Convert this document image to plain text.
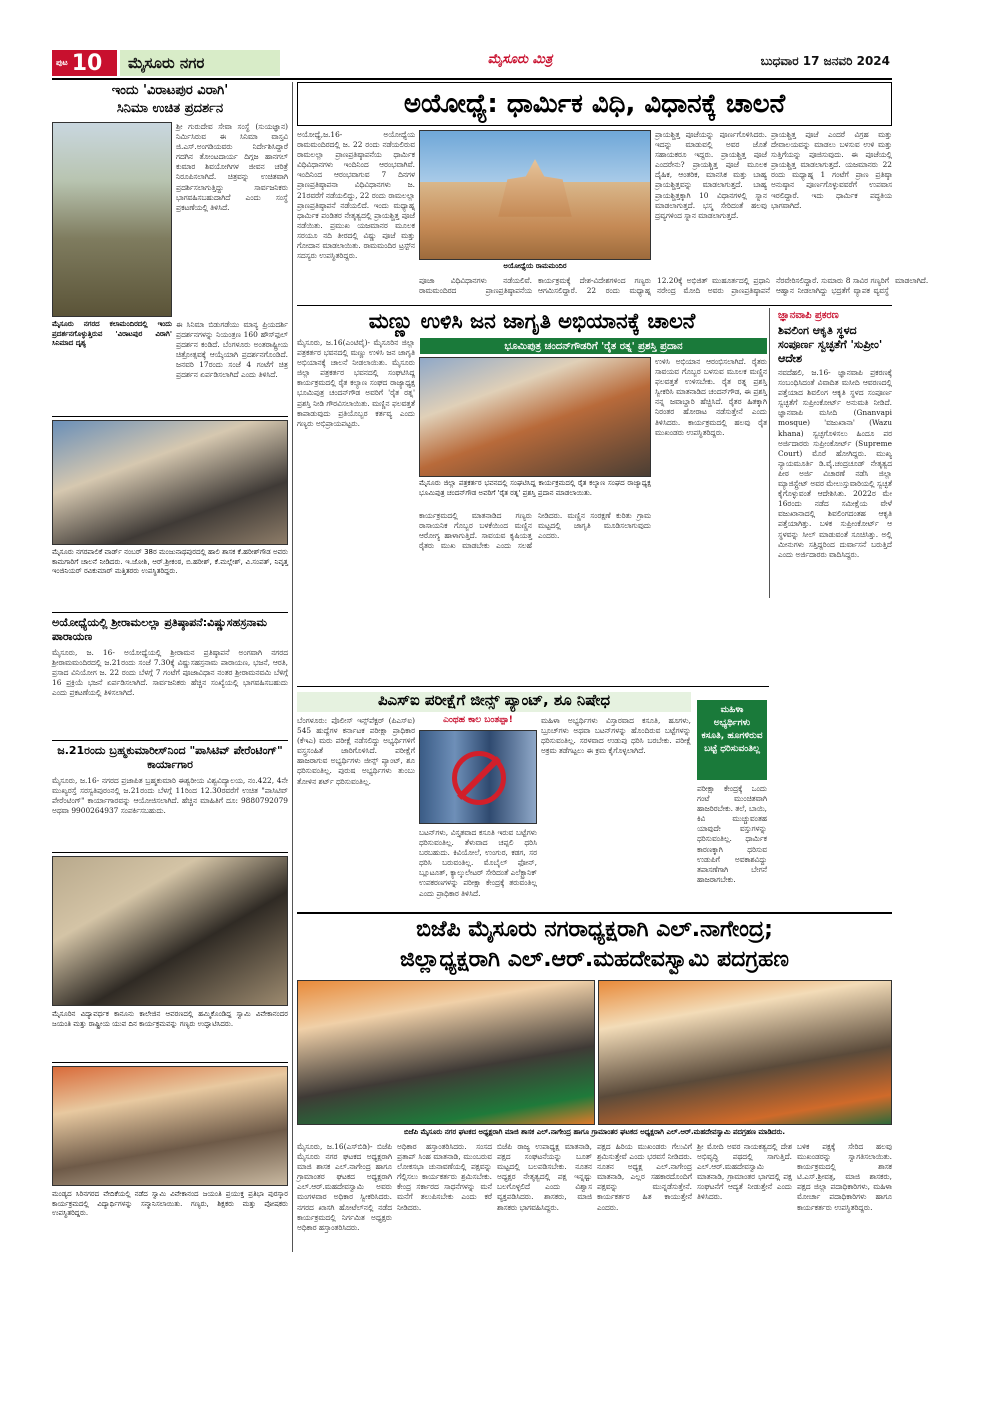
ಪುಟ 10	ಮೈಸೂರು ನಗರ	ಮೈಸೂರು ಮಿತ್ರ	ಬುಧವಾರ 17 ಜನವರಿ 2024
ಇಂದು 'ವಿರಾಟಪುರ ವಿರಾಗಿ'
ಸಿನಿಮಾ ಉಚಿತ ಪ್ರದರ್ಶನ
ಶ್ರೀ ಗುರುದೇವ ಸೇವಾ ಸಂಸ್ಥೆ (ಸುಯಜ್ಞಾನ) ನಿರ್ಮಿಸಿರುವ ಈ ಸಿನಿಮಾ ವಾಸ್ತವಿ ಜಿ.ಎಸ್.ಅಂಗಡಿಯವರು ನಿರ್ದೇಶಿಸಿದ್ದಾರೆ ಗದಗಿನ ತೋಂಟದಾರ್ಯ ದಿಗ್ಗಜ ಹಾನಗಲ್ ಕುಮಾರ ಶಿವಯೋಗಿಗಳ ಜೀವನ ಚರಿತ್ರೆ ನಿರೂಪಿಸಲಾಗಿದೆ. ಚಿತ್ರವನ್ನು ಉಚಿತವಾಗಿ ಪ್ರದರ್ಶಿಸಲಾಗುತ್ತಿದ್ದು ಸಾರ್ವಜನಿಕರು ಭಾಗವಹಿಸಬಹುದಾಗಿದೆ ಎಂದು ಸಂಸ್ಥೆ ಪ್ರಕಟಣೆಯಲ್ಲಿ ತಿಳಿಸಿದೆ.
ಮೈಸೂರು ನಗರದ ಕಲಾಮಂದಿರದಲ್ಲಿ ಇಂದು ಪ್ರದರ್ಶನಗೊಳ್ಳುತ್ತಿರುವ 'ವಿರಾಟಪುರ ವಿರಾಗಿ' ಸಿನಿಮಾದ ದೃಶ್ಯ
ಈ ಸಿನಿಮಾ ಬಿಡುಗಡೆಯು ಮಾನ್ಯ ಪ್ರಿಯದರ್ಶಿ ಪ್ರದರ್ಶನಗಳನ್ನು ನಿಯಂತ್ರಣ 160 ಹೌಸ್‌ಫುಲ್ ಪ್ರದರ್ಶನ ಕಂಡಿದೆ. ಬೆಂಗಳೂರು ಅಂತರಾಷ್ಟ್ರೀಯ ಚಿತ್ರೋತ್ಸವಕ್ಕೆ ಆಯ್ಕೆಯಾಗಿ ಪ್ರದರ್ಶನಗೊಂಡಿದೆ. ಜನವರಿ 17ರಂದು ಸಂಜೆ 4 ಗಂಟೆಗೆ ಚಿತ್ರ ಪ್ರದರ್ಶನ ಏರ್ಪಡಿಸಲಾಗಿದೆ ಎಂದು ತಿಳಿಸಿದೆ.
ಮೈಸೂರು ನಗರಪಾಲಿಕೆ ವಾರ್ಡ್ ನಂಬರ್ 38ರ ಮಂಜುನಾಥಪುರದಲ್ಲಿ ಹಾಲಿ ಶಾಸಕ ಕೆ.ಹರೀಶ್‌ಗೌಡ ಅವರು ಕಾಮಗಾರಿಗೆ ಚಾಲನೆ ನೀಡಿದರು. ಇ.ಜೋಶಿ, ಆರ್.ಶ್ರೀಕಂಠ, ಬಿ.ಹರೀಶ್, ಕೆ.ಮಲ್ಲೇಶ್, ವಿ.ಸಂಪತ್, ನಿವೃತ್ತ ಇಂಜಿನಿಯರ್ ರವಿಕುಮಾರ್ ಮತ್ತಿತರರು ಉಪಸ್ಥಿತರಿದ್ದರು.
ಅಯೋಧ್ಯೆಯಲ್ಲಿ ಶ್ರೀರಾಮಲಲ್ಲಾ ಪ್ರತಿಷ್ಠಾಪನೆ:ವಿಷ್ಣುಸಹಸ್ರನಾಮ ಪಾರಾಯಣ
ಮೈಸೂರು, ಜ. 16- ಅಯೋಧ್ಯೆಯಲ್ಲಿ ಶ್ರೀರಾಮನ ಪ್ರತಿಷ್ಠಾಪನೆ ಅಂಗವಾಗಿ ನಗರದ ಶ್ರೀರಾಮಮಂದಿರದಲ್ಲಿ ಜ.21ರಂದು ಸಂಜೆ 7.30ಕ್ಕೆ ವಿಷ್ಣುಸಹಸ್ರನಾಮ ಪಾರಾಯಣ, ಭಜನೆ, ಆರತಿ, ಪ್ರಸಾದ ವಿನಿಯೋಗ ಜ. 22 ರಂದು ಬೆಳಗ್ಗೆ 7 ಗಂಟೆಗೆ ಪೂಜಾವಿಧಾನ ನಂತರ ಶ್ರೀರಾಮನವಮಿ ಬೆಳಿಗ್ಗೆ 16 ಪ್ರಕ್ರಿಯೆ ಭಜನೆ ಏರ್ಪಡಿಸಲಾಗಿದೆ. ಸಾರ್ವಜನಿಕರು ಹೆಚ್ಚಿನ ಸಂಖ್ಯೆಯಲ್ಲಿ ಭಾಗವಹಿಸಬಹುದು ಎಂದು ಪ್ರಕಟಣೆಯಲ್ಲಿ ತಿಳಿಸಲಾಗಿದೆ.
ಜ.21ರಂದು ಬ್ರಹ್ಮಕುಮಾರೀಸ್‌ನಿಂದ "ಪಾಸಿಟಿವ್ ಪೇರೆಂಟಿಂಗ್" ಕಾರ್ಯಾಗಾರ
ಮೈಸೂರು, ಜ.16- ನಗರದ ಪ್ರಜಾಪಿತ ಬ್ರಹ್ಮಕುಮಾರಿ ಈಶ್ವರೀಯ ವಿಶ್ವವಿದ್ಯಾಲಯ, ನಂ.422, 4ನೇ ಮುಖ್ಯರಸ್ತೆ ಸರಸ್ವತಿಪುರಂನಲ್ಲಿ ಜ.21ರಂದು ಬೆಳಗ್ಗೆ 11ರಿಂದ 12.30ರವರೆಗೆ ಉಚಿತ "ಪಾಸಿಟಿವ್ ಪೇರೆಂಟಿಂಗ್" ಕಾರ್ಯಾಗಾರವನ್ನು ಆಯೋಜಿಸಲಾಗಿದೆ. ಹೆಚ್ಚಿನ ಮಾಹಿತಿಗೆ ದೂ: 9880792079 ಅಥವಾ 9900264937 ಸಂಪರ್ಕಿಸಬಹುದು.
ಮೈಸೂರಿನ ವಿದ್ಯಾವರ್ಧಕ ಕಾನೂನು ಕಾಲೇಜಿನ ಆವರಣದಲ್ಲಿ ಹಮ್ಮಿಕೊಂಡಿದ್ದ ಸ್ವಾಮಿ ವಿವೇಕಾನಂದರ ಜಯಂತಿ ಮತ್ತು ರಾಷ್ಟ್ರೀಯ ಯುವ ದಿನ ಕಾರ್ಯಕ್ರಮವನ್ನು ಗಣ್ಯರು ಉದ್ಘಾಟಿಸಿದರು.
ಮಂಡ್ಯದ ಸಿರಿನಗರದ ವೇದಿಕೆಯಲ್ಲಿ ನಡೆದ ಸ್ವಾಮಿ ವಿವೇಕಾನಂದ ಜಯಂತಿ ಪ್ರಯುಕ್ತ ಪ್ರತಿಭಾ ಪುರಸ್ಕಾರ ಕಾರ್ಯಕ್ರಮದಲ್ಲಿ ವಿದ್ಯಾರ್ಥಿಗಳನ್ನು ಸನ್ಮಾನಿಸಲಾಯಿತು. ಗಣ್ಯರು, ಶಿಕ್ಷಕರು ಮತ್ತು ಪೋಷಕರು ಉಪಸ್ಥಿತರಿದ್ದರು.
ಅಯೋಧ್ಯೆ: ಧಾರ್ಮಿಕ ವಿಧಿ, ವಿಧಾನಕ್ಕೆ ಚಾಲನೆ
ಅಯೋಧ್ಯೆ,ಜ.16- ಅಯೋಧ್ಯೆಯ ರಾಮಮಂದಿರದಲ್ಲಿ ಜ. 22 ರಂದು ನಡೆಯಲಿರುವ ರಾಮಲಲ್ಲಾ ಪ್ರಾಣಪ್ರತಿಷ್ಠಾಪನೆಯ ಧಾರ್ಮಿಕ ವಿಧಿವಿಧಾನಗಳು ಇಂದಿನಿಂದ ಆರಂಭವಾಗಿವೆ. ಇಂದಿನಿಂದ ಆರಂಭವಾಗುವ 7 ದಿನಗಳ ಪ್ರಾಣಪ್ರತಿಷ್ಠಾಪನಾ ವಿಧಿವಿಧಾನಗಳು ಜ. 21ರವರೆಗೆ ನಡೆಯಲಿದ್ದು, 22 ರಂದು ರಾಮಲಲ್ಲಾ ಪ್ರಾಣಪ್ರತಿಷ್ಠಾಪನೆ ನಡೆಯಲಿದೆ. ಇಂದು ಮಧ್ಯಾಹ್ನ ಧಾರ್ಮಿಕ ಪಂಡಿತರ ನೇತೃತ್ವದಲ್ಲಿ ಪ್ರಾಯಶ್ಚಿತ್ತ ಪೂಜೆ ನಡೆಯಿತು. ಪ್ರಮುಖ ಯಜಮಾನರ ಮೂಲಕ ಸರಯೂ ನದಿ ತೀರದಲ್ಲಿ ವಿಷ್ಣು ಪೂಜೆ ಮತ್ತು ಗೋದಾನ ಮಾಡಲಾಯಿತು. ರಾಮಮಂದಿರ ಟ್ರಸ್ಟ್‌ನ ಸದಸ್ಯರು ಉಪಸ್ಥಿತರಿದ್ದರು.
ಅಯೋಧ್ಯೆಯ ರಾಮಮಂದಿರ
ಪೂಜಾ ವಿಧಿವಿಧಾನಗಳು ನಡೆಯಲಿವೆ. ರಾಮಮಂದಿರದ ಪ್ರಾಣಪ್ರತಿಷ್ಠಾಪನೆಯ ಕಾರ್ಯಕ್ರಮಕ್ಕೆ ದೇಶ-ವಿದೇಶಗಳಿಂದ ಗಣ್ಯರು ಆಗಮಿಸಲಿದ್ದಾರೆ. 22 ರಂದು ಮಧ್ಯಾಹ್ನ 12.20ಕ್ಕೆ ಅಭಿಜಿತ್ ಮುಹೂರ್ತದಲ್ಲಿ ಪ್ರಧಾನಿ ನರೇಂದ್ರ ಮೋದಿ ಅವರು ಪ್ರಾಣಪ್ರತಿಷ್ಠಾಪನೆ ನೆರವೇರಿಸಲಿದ್ದಾರೆ. ಸುಮಾರು 8 ಸಾವಿರ ಗಣ್ಯರಿಗೆ ಆಹ್ವಾನ ನೀಡಲಾಗಿದ್ದು ಭದ್ರತೆಗೆ ವ್ಯಾಪಕ ವ್ಯವಸ್ಥೆ ಮಾಡಲಾಗಿದೆ.
ಪ್ರಾಯಶ್ಚಿತ್ತ ಪೂಜೆಯನ್ನು ಪೂರ್ಣಗೊಳಿಸಿದರು. ಇದನ್ನು ಮಾಡುವಲ್ಲಿ ಅವರ ಜೊತೆ ಸಹಾಯಕರೂ ಇದ್ದರು. ಪ್ರಾಯಶ್ಚಿತ್ತ ಪೂಜೆ ಎಂದರೇನು? ಪ್ರಾಯಶ್ಚಿತ್ತ ಪೂಜೆ ಮೂಲಕ ದೈಹಿಕ, ಆಂತರಿಕ, ಮಾನಸಿಕ ಮತ್ತು ಬಾಹ್ಯ ಪ್ರಾಯಶ್ಚಿತ್ತವನ್ನು ಮಾಡಲಾಗುತ್ತದೆ. ಬಾಹ್ಯ ಪ್ರಾಯಶ್ಚಿತ್ತಕ್ಕಾಗಿ 10 ವಿಧಾನಗಳಲ್ಲಿ ಸ್ನಾನ ಮಾಡಲಾಗುತ್ತದೆ. ಭಸ್ಮ ಸೇರಿದಂತೆ ಹಲವು ದ್ರವ್ಯಗಳಿಂದ ಸ್ನಾನ ಮಾಡಲಾಗುತ್ತದೆ.
ಪ್ರಾಯಶ್ಚಿತ್ತ ಪೂಜೆ ಎಂದರೆ ವಿಗ್ರಹ ಮತ್ತು ದೇವಾಲಯವನ್ನು ಮಾಡಲು ಬಳಸುವ ಉಳಿ ಮತ್ತು ಸುತ್ತಿಗೆಯನ್ನು ಪೂಜಿಸುವುದು. ಈ ಪೂಜೆಯಲ್ಲಿ ಪ್ರಾಯಶ್ಚಿತ್ತ ಮಾಡಲಾಗುತ್ತದೆ. ಯಜಮಾನರು 22 ರಂದು ಮಧ್ಯಾಹ್ನ 1 ಗಂಟೆಗೆ ಪ್ರಾಣ ಪ್ರತಿಷ್ಠಾ ಅನುಷ್ಠಾನ ಪೂರ್ಣಗೊಳ್ಳುವವರೆಗೆ ಉಪವಾಸ ಇರಲಿದ್ದಾರೆ. ಇದು ಧಾರ್ಮಿಕ ಪದ್ಧತಿಯ ಭಾಗವಾಗಿದೆ.
ಮಣ್ಣು ಉಳಿಸಿ ಜನ ಜಾಗೃತಿ ಅಭಿಯಾನಕ್ಕೆ ಚಾಲನೆ
ಭೂಮಿಪುತ್ರ ಚಂದನ್‌ಗೌಡರಿಗೆ 'ರೈತ ರತ್ನ' ಪ್ರಶಸ್ತಿ ಪ್ರದಾನ
ಮೈಸೂರು, ಜ.16(ಎಂಟಿವೈ)- ಮೈಸೂರಿನ ಜಿಲ್ಲಾ ಪತ್ರಕರ್ತರ ಭವನದಲ್ಲಿ ಮಣ್ಣು ಉಳಿಸಿ ಜನ ಜಾಗೃತಿ ಅಭಿಯಾನಕ್ಕೆ ಚಾಲನೆ ನೀಡಲಾಯಿತು. ಮೈಸೂರು ಜಿಲ್ಲಾ ಪತ್ರಕರ್ತರ ಭವನದಲ್ಲಿ ಸಂಘಟಿಸಿದ್ದ ಕಾರ್ಯಕ್ರಮದಲ್ಲಿ ರೈತ ಕಲ್ಯಾಣ ಸಂಘದ ರಾಜ್ಯಾಧ್ಯಕ್ಷ ಭೂಮಿಪುತ್ರ ಚಂದನ್‌ಗೌಡ ಅವರಿಗೆ 'ರೈತ ರತ್ನ' ಪ್ರಶಸ್ತಿ ನೀಡಿ ಗೌರವಿಸಲಾಯಿತು. ಮಣ್ಣಿನ ಫಲವತ್ತತೆ ಕಾಪಾಡುವುದು ಪ್ರತಿಯೊಬ್ಬರ ಕರ್ತವ್ಯ ಎಂದು ಗಣ್ಯರು ಅಭಿಪ್ರಾಯಪಟ್ಟರು.
ಮೈಸೂರು ಜಿಲ್ಲಾ ಪತ್ರಕರ್ತರ ಭವನದಲ್ಲಿ ಸಂಘಟಿಸಿದ್ದ ಕಾರ್ಯಕ್ರಮದಲ್ಲಿ ರೈತ ಕಲ್ಯಾಣ ಸಂಘದ ರಾಜ್ಯಾಧ್ಯಕ್ಷ ಭೂಮಿಪುತ್ರ ಚಂದನ್‌ಗೌಡ ಅವರಿಗೆ 'ರೈತ ರತ್ನ' ಪ್ರಶಸ್ತಿ ಪ್ರದಾನ ಮಾಡಲಾಯಿತು.
ಕಾರ್ಯಕ್ರಮದಲ್ಲಿ ಮಾತನಾಡಿದ ಗಣ್ಯರು ರಾಸಾಯನಿಕ ಗೊಬ್ಬರ ಬಳಕೆಯಿಂದ ಮಣ್ಣಿನ ಆರೋಗ್ಯ ಹಾಳಾಗುತ್ತಿದೆ. ಸಾವಯವ ಕೃಷಿಯತ್ತ ರೈತರು ಮುಖ ಮಾಡಬೇಕು ಎಂದು ಸಲಹೆ ನೀಡಿದರು. ಮಣ್ಣಿನ ಸಂರಕ್ಷಣೆ ಕುರಿತು ಗ್ರಾಮ ಮಟ್ಟದಲ್ಲಿ ಜಾಗೃತಿ ಮೂಡಿಸಲಾಗುವುದು ಎಂದರು.
ಉಳಿಸಿ ಅಭಿಯಾನ ಆರಂಭಿಸಲಾಗಿದೆ. ರೈತರು ಸಾವಯವ ಗೊಬ್ಬರ ಬಳಸುವ ಮೂಲಕ ಮಣ್ಣಿನ ಫಲವತ್ತತೆ ಉಳಿಸಬೇಕು. ರೈತ ರತ್ನ ಪ್ರಶಸ್ತಿ ಸ್ವೀಕರಿಸಿ ಮಾತನಾಡಿದ ಚಂದನ್‌ಗೌಡ, ಈ ಪ್ರಶಸ್ತಿ ನನ್ನ ಜವಾಬ್ದಾರಿ ಹೆಚ್ಚಿಸಿದೆ. ರೈತರ ಹಿತಕ್ಕಾಗಿ ನಿರಂತರ ಹೋರಾಟ ನಡೆಸುತ್ತೇನೆ ಎಂದು ತಿಳಿಸಿದರು. ಕಾರ್ಯಕ್ರಮದಲ್ಲಿ ಹಲವು ರೈತ ಮುಖಂಡರು ಉಪಸ್ಥಿತರಿದ್ದರು.
ಜ್ಞಾನವಾಪಿ ಪ್ರಕರಣ
ಶಿವಲಿಂಗ ಆಕೃತಿ ಸ್ಥಳದ ಸಂಪೂರ್ಣ ಸ್ವಚ್ಛತೆಗೆ 'ಸುಪ್ರೀಂ' ಆದೇಶ
ನವದೆಹಲಿ, ಜ.16- ಜ್ಞಾನವಾಪಿ ಪ್ರಕರಣಕ್ಕೆ ಸಂಬಂಧಿಸಿದಂತೆ ವಿವಾದಿತ ಮಸೀದಿ ಆವರಣದಲ್ಲಿ ಪತ್ತೆಯಾದ ಶಿವಲಿಂಗ ಆಕೃತಿ ಸ್ಥಳದ ಸಂಪೂರ್ಣ ಸ್ವಚ್ಛತೆಗೆ ಸುಪ್ರೀಂಕೋರ್ಟ್ ಅನುಮತಿ ನೀಡಿದೆ. ಜ್ಞಾನವಾಪಿ ಮಸೀದಿ (Gnanvapi mosque) 'ವಜುಖಾನಾ' (Wazu khana) ಸ್ವಚ್ಛಗೊಳಿಸಲು ಹಿಂದೂ ಪರ ಅರ್ಜಿದಾರರು ಸುಪ್ರೀಂಕೋರ್ಟ್ (Supreme Court) ಮೊರೆ ಹೋಗಿದ್ದರು. ಮುಖ್ಯ ನ್ಯಾಯಮೂರ್ತಿ ಡಿ.ವೈ.ಚಂದ್ರಚೂಡ್ ನೇತೃತ್ವದ ಪೀಠ ಅರ್ಜಿ ವಿಚಾರಣೆ ನಡೆಸಿ ಜಿಲ್ಲಾ ಮ್ಯಾಜಿಸ್ಟ್ರೇಟ್ ಅವರ ಮೇಲುಸ್ತುವಾರಿಯಲ್ಲಿ ಸ್ವಚ್ಛತೆ ಕೈಗೊಳ್ಳುವಂತೆ ಆದೇಶಿಸಿತು. 2022ರ ಮೇ 16ರಂದು ನಡೆದ ಸಮೀಕ್ಷೆಯ ವೇಳೆ ವಜುಖಾನಾದಲ್ಲಿ ಶಿವಲಿಂಗದಂತಹ ಆಕೃತಿ ಪತ್ತೆಯಾಗಿತ್ತು. ಬಳಿಕ ಸುಪ್ರೀಂಕೋರ್ಟ್ ಆ ಸ್ಥಳವನ್ನು ಸೀಲ್ ಮಾಡುವಂತೆ ಸೂಚಿಸಿತ್ತು. ಅಲ್ಲಿ ಮೀನುಗಳು ಸತ್ತಿದ್ದರಿಂದ ದುರ್ವಾಸನೆ ಬರುತ್ತಿದೆ ಎಂದು ಅರ್ಜಿದಾರರು ವಾದಿಸಿದ್ದರು.
ಪಿಎಸ್ಐ ಪರೀಕ್ಷೆಗೆ ಜೀನ್ಸ್ ಪ್ಯಾಂಟ್, ಶೂ ನಿಷೇಧ
ಬೆಂಗಳೂರು: ಪೊಲೀಸ್ ಇನ್ಸ್‌ಪೆಕ್ಟರ್ (ಪಿಎಸ್ಐ) 545 ಹುದ್ದೆಗಳ ಕರ್ನಾಟಕ ಪರೀಕ್ಷಾ ಪ್ರಾಧಿಕಾರ (ಕೆಇಎ) ಮರು ಪರೀಕ್ಷೆ ನಡೆಸಲಿದ್ದು ಅಭ್ಯರ್ಥಿಗಳಿಗೆ ವಸ್ತ್ರಸಂಹಿತೆ ಜಾರಿಗೊಳಿಸಿದೆ. ಪರೀಕ್ಷೆಗೆ ಹಾಜರಾಗುವ ಅಭ್ಯರ್ಥಿಗಳು ಜೀನ್ಸ್ ಪ್ಯಾಂಟ್, ಶೂ ಧರಿಸುವಂತಿಲ್ಲ. ಪುರುಷ ಅಭ್ಯರ್ಥಿಗಳು ತುಂಬು ತೋಳಿನ ಶರ್ಟ್ ಧರಿಸುವಂತಿಲ್ಲ.
ಎಂಥಹ ಕಾಲ ಬಂತಪ್ಪಾ!
ಬಟನ್‌ಗಳು, ವಿಸ್ತೃತವಾದ ಕಸೂತಿ ಇರುವ ಬಟ್ಟೆಗಳು ಧರಿಸುವಂತಿಲ್ಲ. ತೆಳುವಾದ ಚಪ್ಪಲಿ ಧರಿಸಿ ಬರಬಹುದು. ಕಿವಿಯೋಲೆ, ಉಂಗುರ, ಕಡಗ, ಸರ ಧರಿಸಿ ಬರುವಂತಿಲ್ಲ. ಮೊಬೈಲ್ ಫೋನ್, ಬ್ಲೂಟೂತ್, ಕ್ಯಾಲ್ಕುಲೇಟರ್ ಸೇರಿದಂತೆ ಎಲೆಕ್ಟ್ರಾನಿಕ್ ಉಪಕರಣಗಳನ್ನು ಪರೀಕ್ಷಾ ಕೇಂದ್ರಕ್ಕೆ ತರುವಂತಿಲ್ಲ ಎಂದು ಪ್ರಾಧಿಕಾರ ತಿಳಿಸಿದೆ.
ಮಹಿಳಾ ಅಭ್ಯರ್ಥಿಗಳು ವಿಸ್ತಾರವಾದ ಕಸೂತಿ, ಹೂಗಳು, ಬ್ರೂಚ್‌ಗಳು ಅಥವಾ ಬಟನ್‌ಗಳನ್ನು ಹೊಂದಿರುವ ಬಟ್ಟೆಗಳನ್ನು ಧರಿಸುವಂತಿಲ್ಲ. ಸರಳವಾದ ಉಡುಪು ಧರಿಸಿ ಬರಬೇಕು. ಪರೀಕ್ಷೆ ಅಕ್ರಮ ತಡೆಗಟ್ಟಲು ಈ ಕ್ರಮ ಕೈಗೊಳ್ಳಲಾಗಿದೆ.
ಮಹಿಳಾ ಅಭ್ಯರ್ಥಿಗಳು ಕಸೂತಿ, ಹೂಗಳಿರುವ ಬಟ್ಟೆ ಧರಿಸುವಂತಿಲ್ಲ
ಪರೀಕ್ಷಾ ಕೇಂದ್ರಕ್ಕೆ ಒಂದು ಗಂಟೆ ಮುಂಚಿತವಾಗಿ ಹಾಜರಿರಬೇಕು. ತಲೆ, ಬಾಯಿ, ಕಿವಿ ಮುಚ್ಚುವಂತಹ ಯಾವುದೇ ವಸ್ತುಗಳನ್ನು ಧರಿಸುವಂತಿಲ್ಲ. ಧಾರ್ಮಿಕ ಕಾರಣಕ್ಕಾಗಿ ಧರಿಸುವ ಉಡುಪಿಗೆ ಅವಕಾಶವಿದ್ದು ತಪಾಸಣೆಗಾಗಿ ಬೇಗನೆ ಹಾಜರಾಗಬೇಕು.
ಬಿಜೆಪಿ ಮೈಸೂರು ನಗರಾಧ್ಯಕ್ಷರಾಗಿ ಎಲ್.ನಾಗೇಂದ್ರ;
ಜಿಲ್ಲಾಧ್ಯಕ್ಷರಾಗಿ ಎಲ್.ಆರ್.ಮಹದೇವಸ್ವಾಮಿ ಪದಗ್ರಹಣ
ಬಿಜೆಪಿ ಮೈಸೂರು ನಗರ ಘಟಕದ ಅಧ್ಯಕ್ಷರಾಗಿ ಮಾಜಿ ಶಾಸಕ ಎಲ್.ನಾಗೇಂದ್ರ ಹಾಗೂ ಗ್ರಾಮಾಂತರ ಘಟಕದ ಅಧ್ಯಕ್ಷರಾಗಿ ಎಲ್.ಆರ್.ಮಹದೇವಸ್ವಾಮಿ ಪದಗ್ರಹಣ ಮಾಡಿದರು.
ಮೈಸೂರು, ಜ.16(ಎಸ್‌ಬಿಡಿ)- ಬಿಜೆಪಿ ಮೈಸೂರು ನಗರ ಘಟಕದ ಅಧ್ಯಕ್ಷರಾಗಿ ಮಾಜಿ ಶಾಸಕ ಎಲ್.ನಾಗೇಂದ್ರ ಹಾಗೂ ಗ್ರಾಮಾಂತರ ಘಟಕದ ಅಧ್ಯಕ್ಷರಾಗಿ ಎಲ್.ಆರ್.ಮಹದೇವಸ್ವಾಮಿ ಅವರು ಮಂಗಳವಾರ ಅಧಿಕಾರ ಸ್ವೀಕರಿಸಿದರು. ನಗರದ ಖಾಸಗಿ ಹೋಟೆಲ್‌ನಲ್ಲಿ ನಡೆದ ಕಾರ್ಯಕ್ರಮದಲ್ಲಿ ನಿರ್ಗಮಿತ ಅಧ್ಯಕ್ಷರು ಅಧಿಕಾರ ಹಸ್ತಾಂತರಿಸಿದರು.
ಅಧಿಕಾರ ಹಸ್ತಾಂತರಿಸಿದರು. ಸಂಸದ ಪ್ರತಾಪ್ ಸಿಂಹ ಮಾತನಾಡಿ, ಮುಂಬರುವ ಲೋಕಸಭಾ ಚುನಾವಣೆಯಲ್ಲಿ ಪಕ್ಷವನ್ನು ಗೆಲ್ಲಿಸಲು ಕಾರ್ಯಕರ್ತರು ಶ್ರಮಿಸಬೇಕು. ಕೇಂದ್ರ ಸರ್ಕಾರದ ಸಾಧನೆಗಳನ್ನು ಮನೆ ಮನೆಗೆ ತಲುಪಿಸಬೇಕು ಎಂದು ಕರೆ ನೀಡಿದರು.
ಬಿಜೆಪಿ ರಾಜ್ಯ ಉಪಾಧ್ಯಕ್ಷ ಮಾತನಾಡಿ, ಪಕ್ಷದ ಸಂಘಟನೆಯನ್ನು ಬೂತ್ ಮಟ್ಟದಲ್ಲಿ ಬಲಪಡಿಸಬೇಕು. ನೂತನ ಅಧ್ಯಕ್ಷರ ನೇತೃತ್ವದಲ್ಲಿ ಪಕ್ಷ ಇನ್ನಷ್ಟು ಬಲಗೊಳ್ಳಲಿದೆ ಎಂದು ವಿಶ್ವಾಸ ವ್ಯಕ್ತಪಡಿಸಿದರು. ಶಾಸಕರು, ಮಾಜಿ ಶಾಸಕರು ಭಾಗವಹಿಸಿದ್ದರು.
ಪಕ್ಷದ ಹಿರಿಯ ಮುಖಂಡರು ಗೆಲುವಿಗೆ ಶ್ರಮಿಸುತ್ತೇವೆ ಎಂದು ಭರವಸೆ ನೀಡಿದರು. ನೂತನ ಅಧ್ಯಕ್ಷ ಎಲ್.ನಾಗೇಂದ್ರ ಮಾತನಾಡಿ, ಎಲ್ಲರ ಸಹಕಾರದೊಂದಿಗೆ ಪಕ್ಷವನ್ನು ಮುನ್ನಡೆಸುತ್ತೇನೆ. ಕಾರ್ಯಕರ್ತರ ಹಿತ ಕಾಯುತ್ತೇನೆ ಎಂದರು.
ಶ್ರೀ ಮೋದಿ ಅವರ ನಾಯಕತ್ವದಲ್ಲಿ ದೇಶ ಅಭಿವೃದ್ಧಿ ಪಥದಲ್ಲಿ ಸಾಗುತ್ತಿದೆ. ಎಲ್.ಆರ್.ಮಹದೇವಸ್ವಾಮಿ ಮಾತನಾಡಿ, ಗ್ರಾಮಾಂತರ ಭಾಗದಲ್ಲಿ ಪಕ್ಷ ಸಂಘಟನೆಗೆ ಆದ್ಯತೆ ನೀಡುತ್ತೇನೆ ಎಂದು ತಿಳಿಸಿದರು.
ಬಳಿಕ ಪಕ್ಷಕ್ಕೆ ಸೇರಿದ ಹಲವು ಮುಖಂಡರನ್ನು ಸ್ವಾಗತಿಸಲಾಯಿತು. ಕಾರ್ಯಕ್ರಮದಲ್ಲಿ ಶಾಸಕ ಟಿ.ಎಸ್.ಶ್ರೀವತ್ಸ, ಮಾಜಿ ಶಾಸಕರು, ಪಕ್ಷದ ಜಿಲ್ಲಾ ಪದಾಧಿಕಾರಿಗಳು, ಮಹಿಳಾ ಮೋರ್ಚಾ ಪದಾಧಿಕಾರಿಗಳು ಹಾಗೂ ಕಾರ್ಯಕರ್ತರು ಉಪಸ್ಥಿತರಿದ್ದರು.
